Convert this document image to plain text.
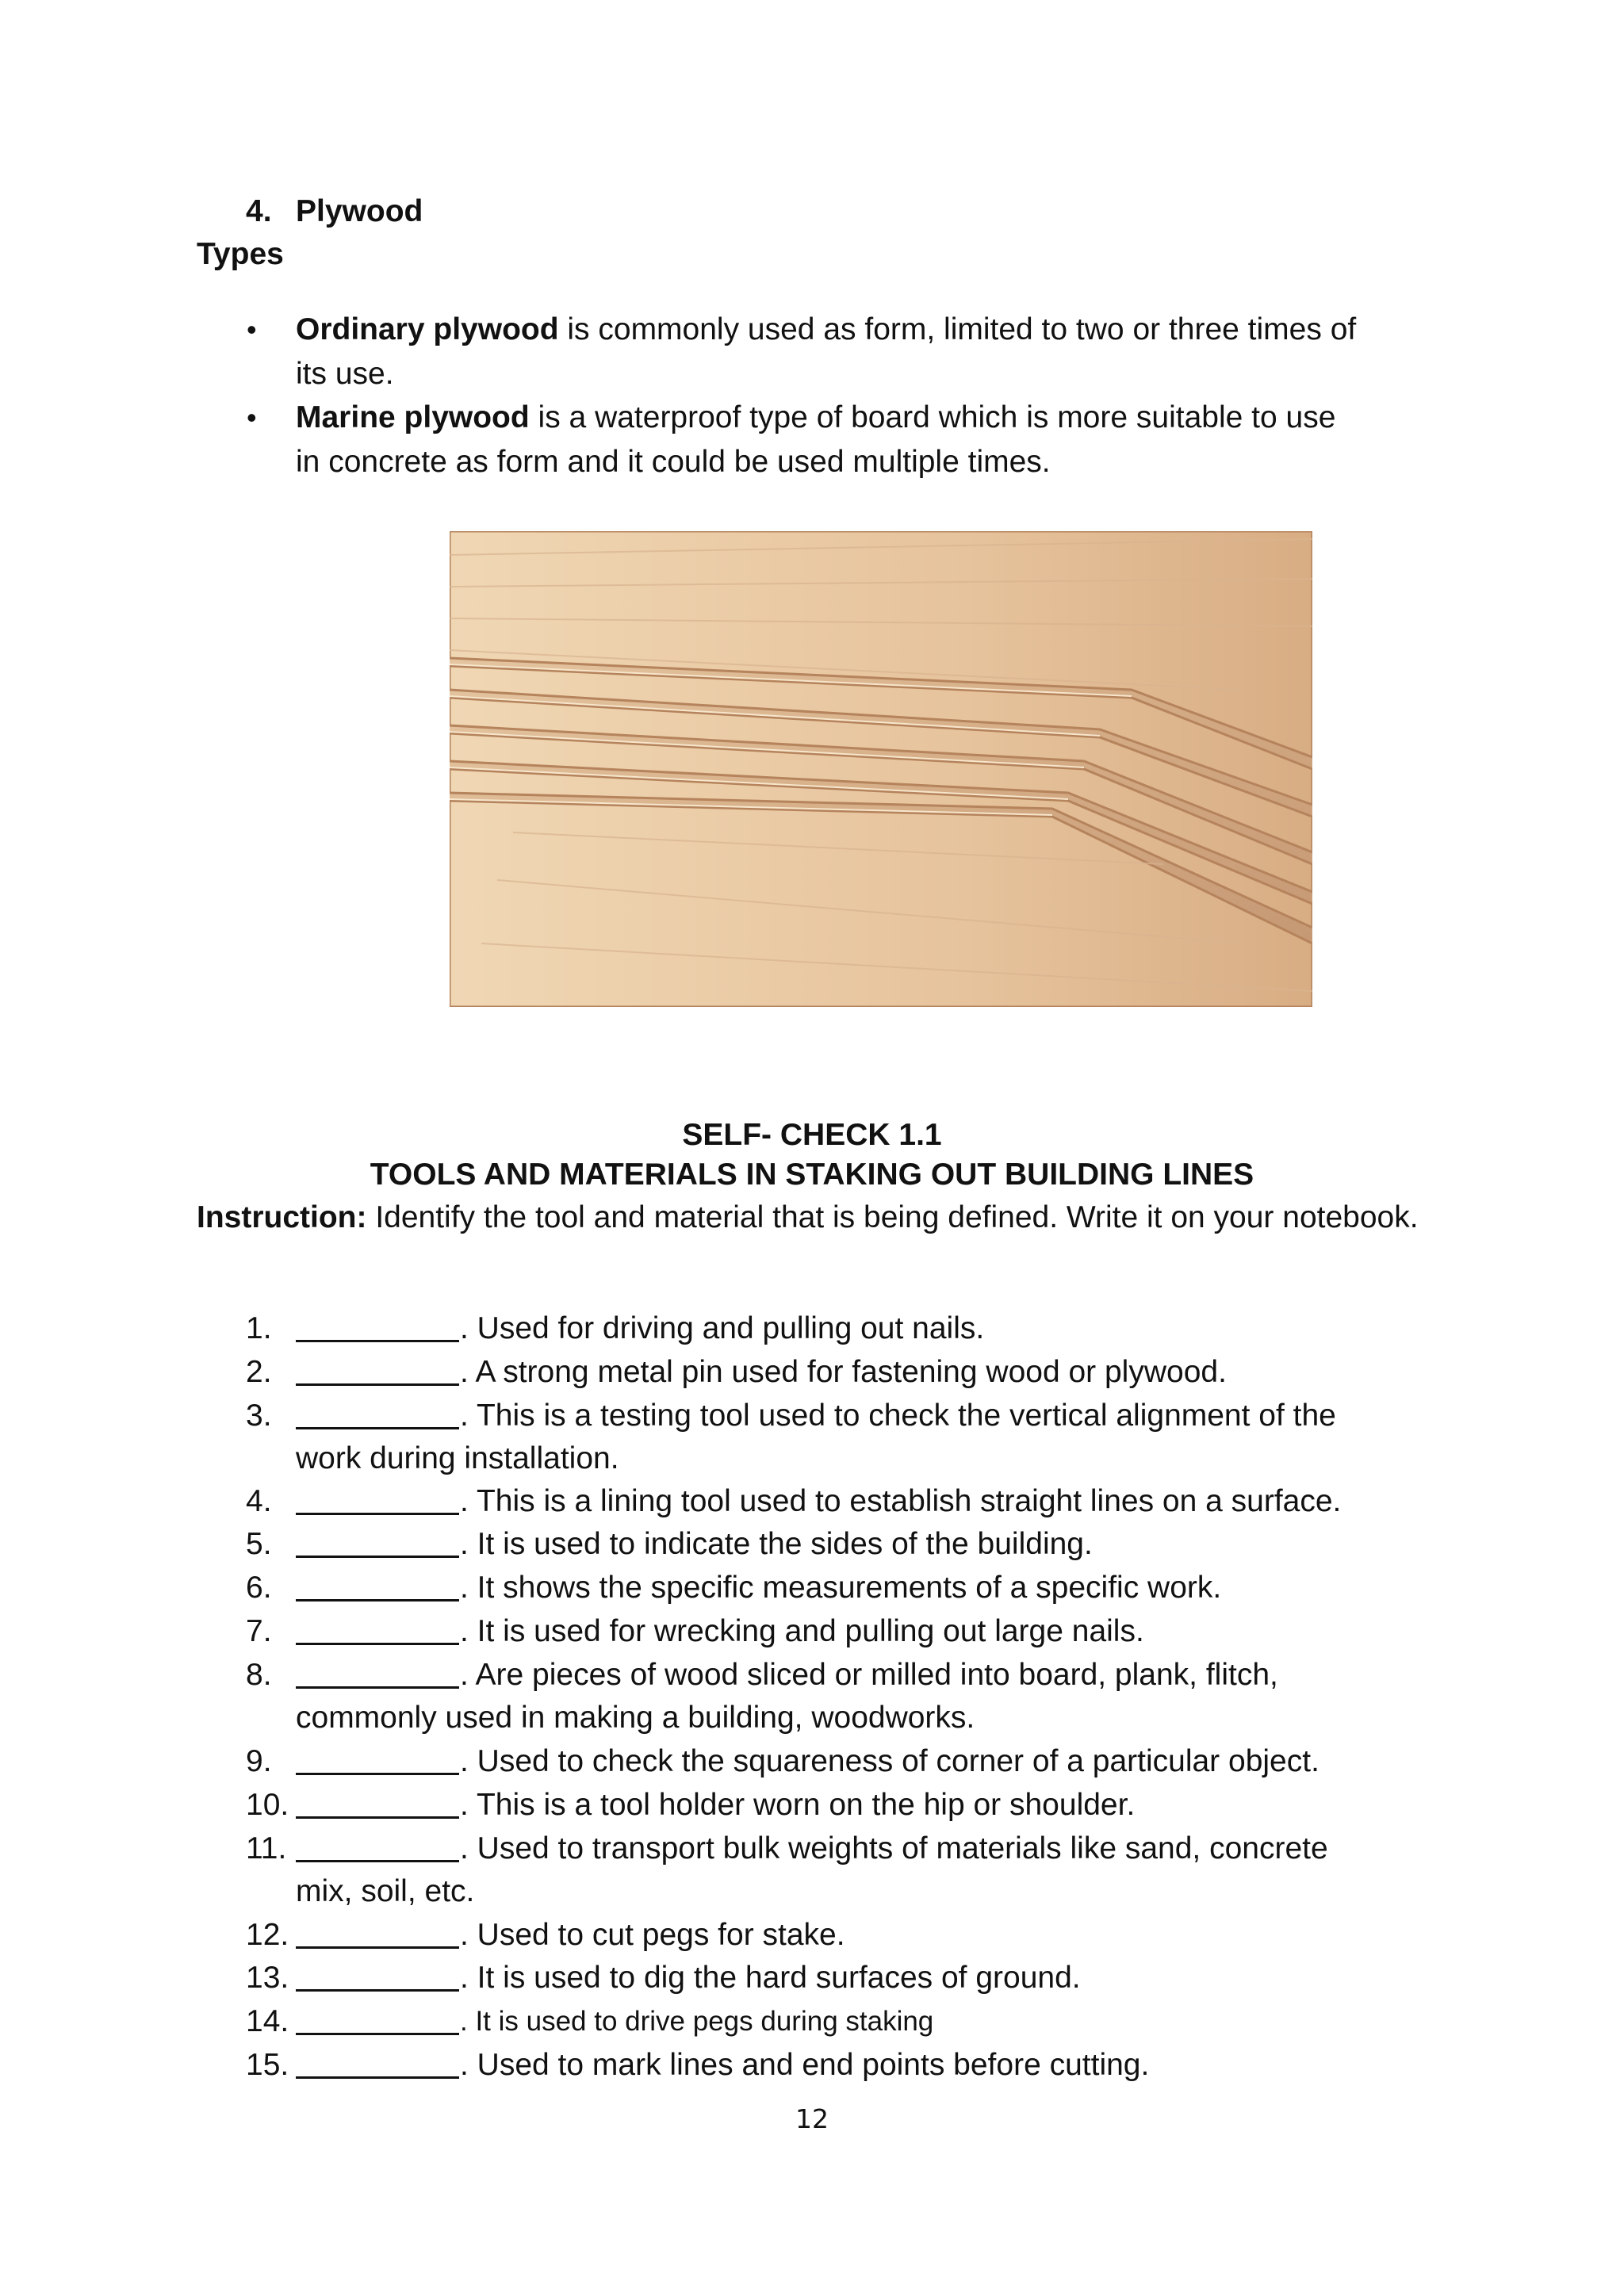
4. Plywood
Types
• Ordinary plywood is commonly used as form, limited to two or three times of
its use.
• Marine plywood is a waterproof type of board which is more suitable to use
in concrete as form and it could be used multiple times.
SELF- CHECK 1.1
TOOLS AND MATERIALS IN STAKING OUT BUILDING LINES
Instruction: Identify the tool and material that is being defined. Write it on your notebook.
1.	. Used for driving and pulling out nails.
2.	. A strong metal pin used for fastening wood or plywood.
3.	. This is a testing tool used to check the vertical alignment of the
work during installation.
4.	. This is a lining tool used to establish straight lines on a surface.
5.	. It is used to indicate the sides of the building.
6.	. It shows the specific measurements of a specific work.
7.	. It is used for wrecking and pulling out large nails.
8.	. Are pieces of wood sliced or milled into board, plank, flitch,
commonly used in making a building, woodworks.
9.	. Used to check the squareness of corner of a particular object.
10.	. This is a tool holder worn on the hip or shoulder.
11.	. Used to transport bulk weights of materials like sand, concrete
mix, soil, etc.
12.	. Used to cut pegs for stake.
13.	. It is used to dig the hard surfaces of ground.
14.	. It is used to drive pegs during staking
15.	. Used to mark lines and end points before cutting.
12
